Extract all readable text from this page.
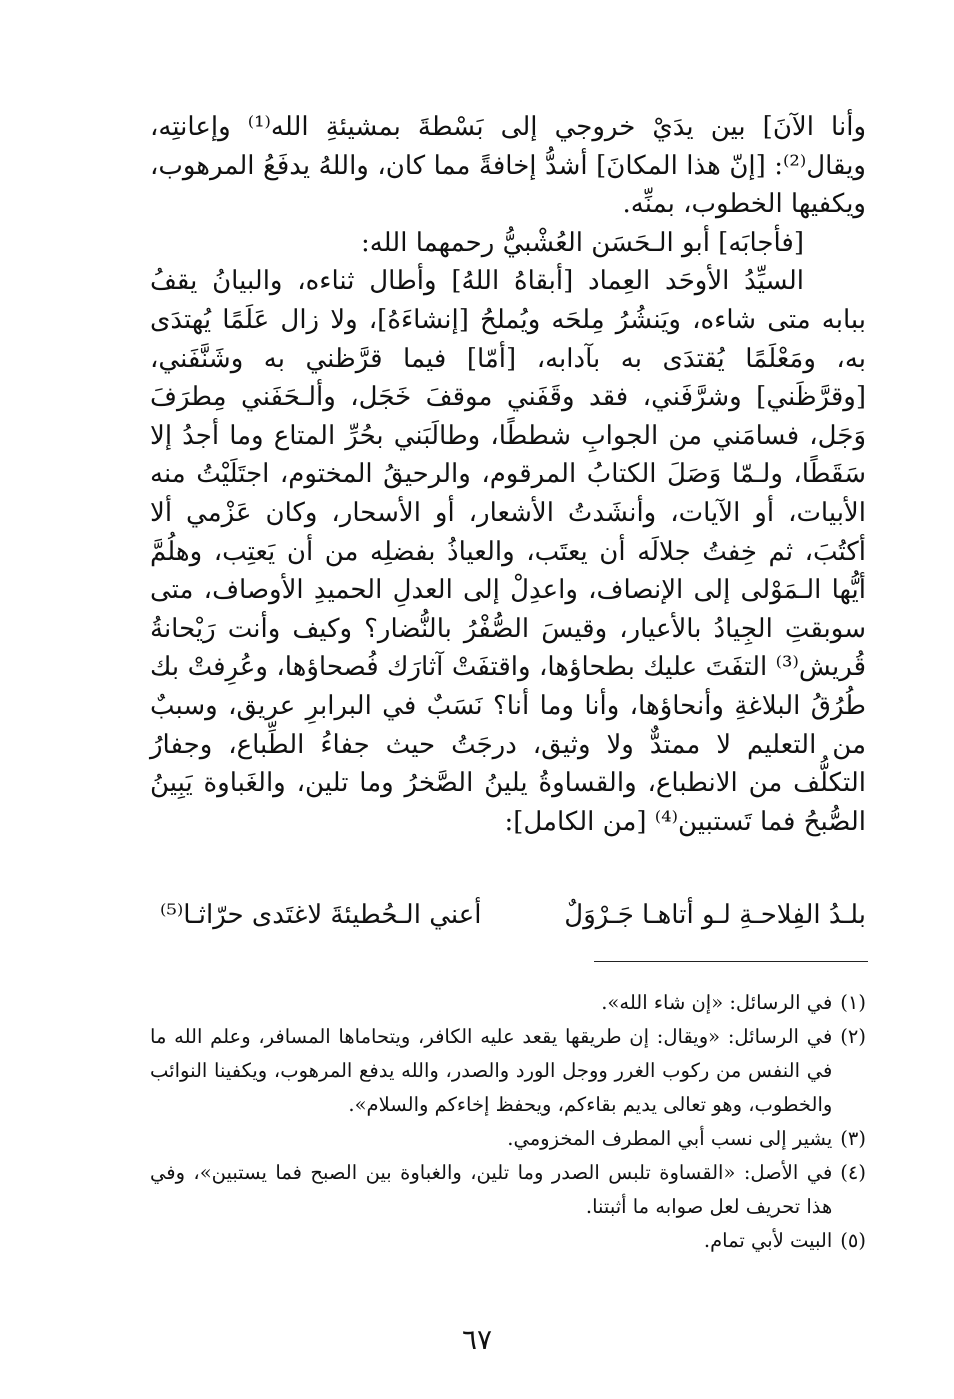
وأنا الآنَ] بين يدَيْ خروجي إلى بَسْطةَ بمشيئةِ الله⁽¹⁾ وإعانتِه، ويقال⁽²⁾: [إنّ هذا المكانَ] أشدُّ إخافةً مما كان، واللهُ يدفَعُ المرهوب، ويكفيها الخطوب، بمنِّه.

[فأجابَه] أبو الـحَسَن العُشْبيُّ رحمهما الله:

السيِّدُ الأوحَد العِماد [أبقاهُ اللهُ] وأطال ثناءه، والبيانُ يقفُ ببابه متى شاءه، ويَنشُرُ مِلحَه ويُملحُ [إنشاءَهُ]، ولا زال عَلَمًا يُهتدَى به، ومَعْلَمًا يُقتدَى به بآدابه، [أمّا] فيما قرَّظني به وشَنَّفَني، [وقرَّظَني] وشرَّفَني، فقد وقَفَني موقفَ خَجَل، وألـحَفَني مِطرَفَ وَجَل، فسامَني من الجوابِ شططًا، وطالَبَني بحُرِّ المتاع وما أجدُ إلا سَقَطًا، ولـمّا وَصَلَ الكتابُ المرقوم، والرحيقُ المختوم، اجتَلَيْتُ منه الأبيات، أو الآيات، وأنشَدتُ الأشعار، أو الأسحار، وكان عَزْمي ألا أكتُبَ، ثم خِفتُ جلالَه أن يعتَب، والعياذُ بفضلِه من أن يَعتِب، وهلُمَّ أيُّها الـمَوْلى إلى الإنصاف، واعدِلْ إلى العدلِ الحميدِ الأوصاف، متى سوبقتِ الجِيادُ بالأعيار، وقيسَ الصُّفْرُ بالنُّضار؟ وكيف وأنت رَيْحانةُ قُريش⁽³⁾ التفَتَ عليك بطحاؤها، واقتفَتْ آثارَك فُصحاؤها، وعُرِفتْ بك طُرُقُ البلاغةِ وأنحاؤها، وأنا وما أنا؟ نَسَبٌ في البرابرِ عريق، وسببٌ من التعليم لا ممتدٌّ ولا وثيق، درجَتُ حيث جفاءُ الطِّباع، وجفارُ التكلُّف من الانطباع، والقساوةُ يلينُ الصَّخرُ وما تلين، والغَباوة يَبِينُ الصُّبحُ فما تَستبين⁽⁴⁾ [من الكامل]:

بلـدُ الفِلاحـةِ لـو أتاهـا جَـرْوَلٌ
أعني الـحُطيئةَ لاغتَدى حرّاثـا⁽⁵⁾
(١)
في الرسائل: «إن شاء الله».
(٢)
في الرسائل: «ويقال: إن طريقها يقعد عليه الكافر، ويتحاماها المسافر، وعلم الله ما في النفس من ركوب الغرر ووجل الورد والصدر، والله يدفع المرهوب، ويكفينا النوائب والخطوب، وهو تعالى يديم بقاءكم، ويحفظ إخاءكم والسلام».
(٣)
يشير إلى نسب أبي المطرف المخزومي.
(٤)
في الأصل: «القساوة تلبس الصدر وما تلين، والغباوة بين الصبح فما يستبين»، وفي هذا تحريف لعل صوابه ما أثبتنا.
(٥)
البيت لأبي تمام.
٦٧
